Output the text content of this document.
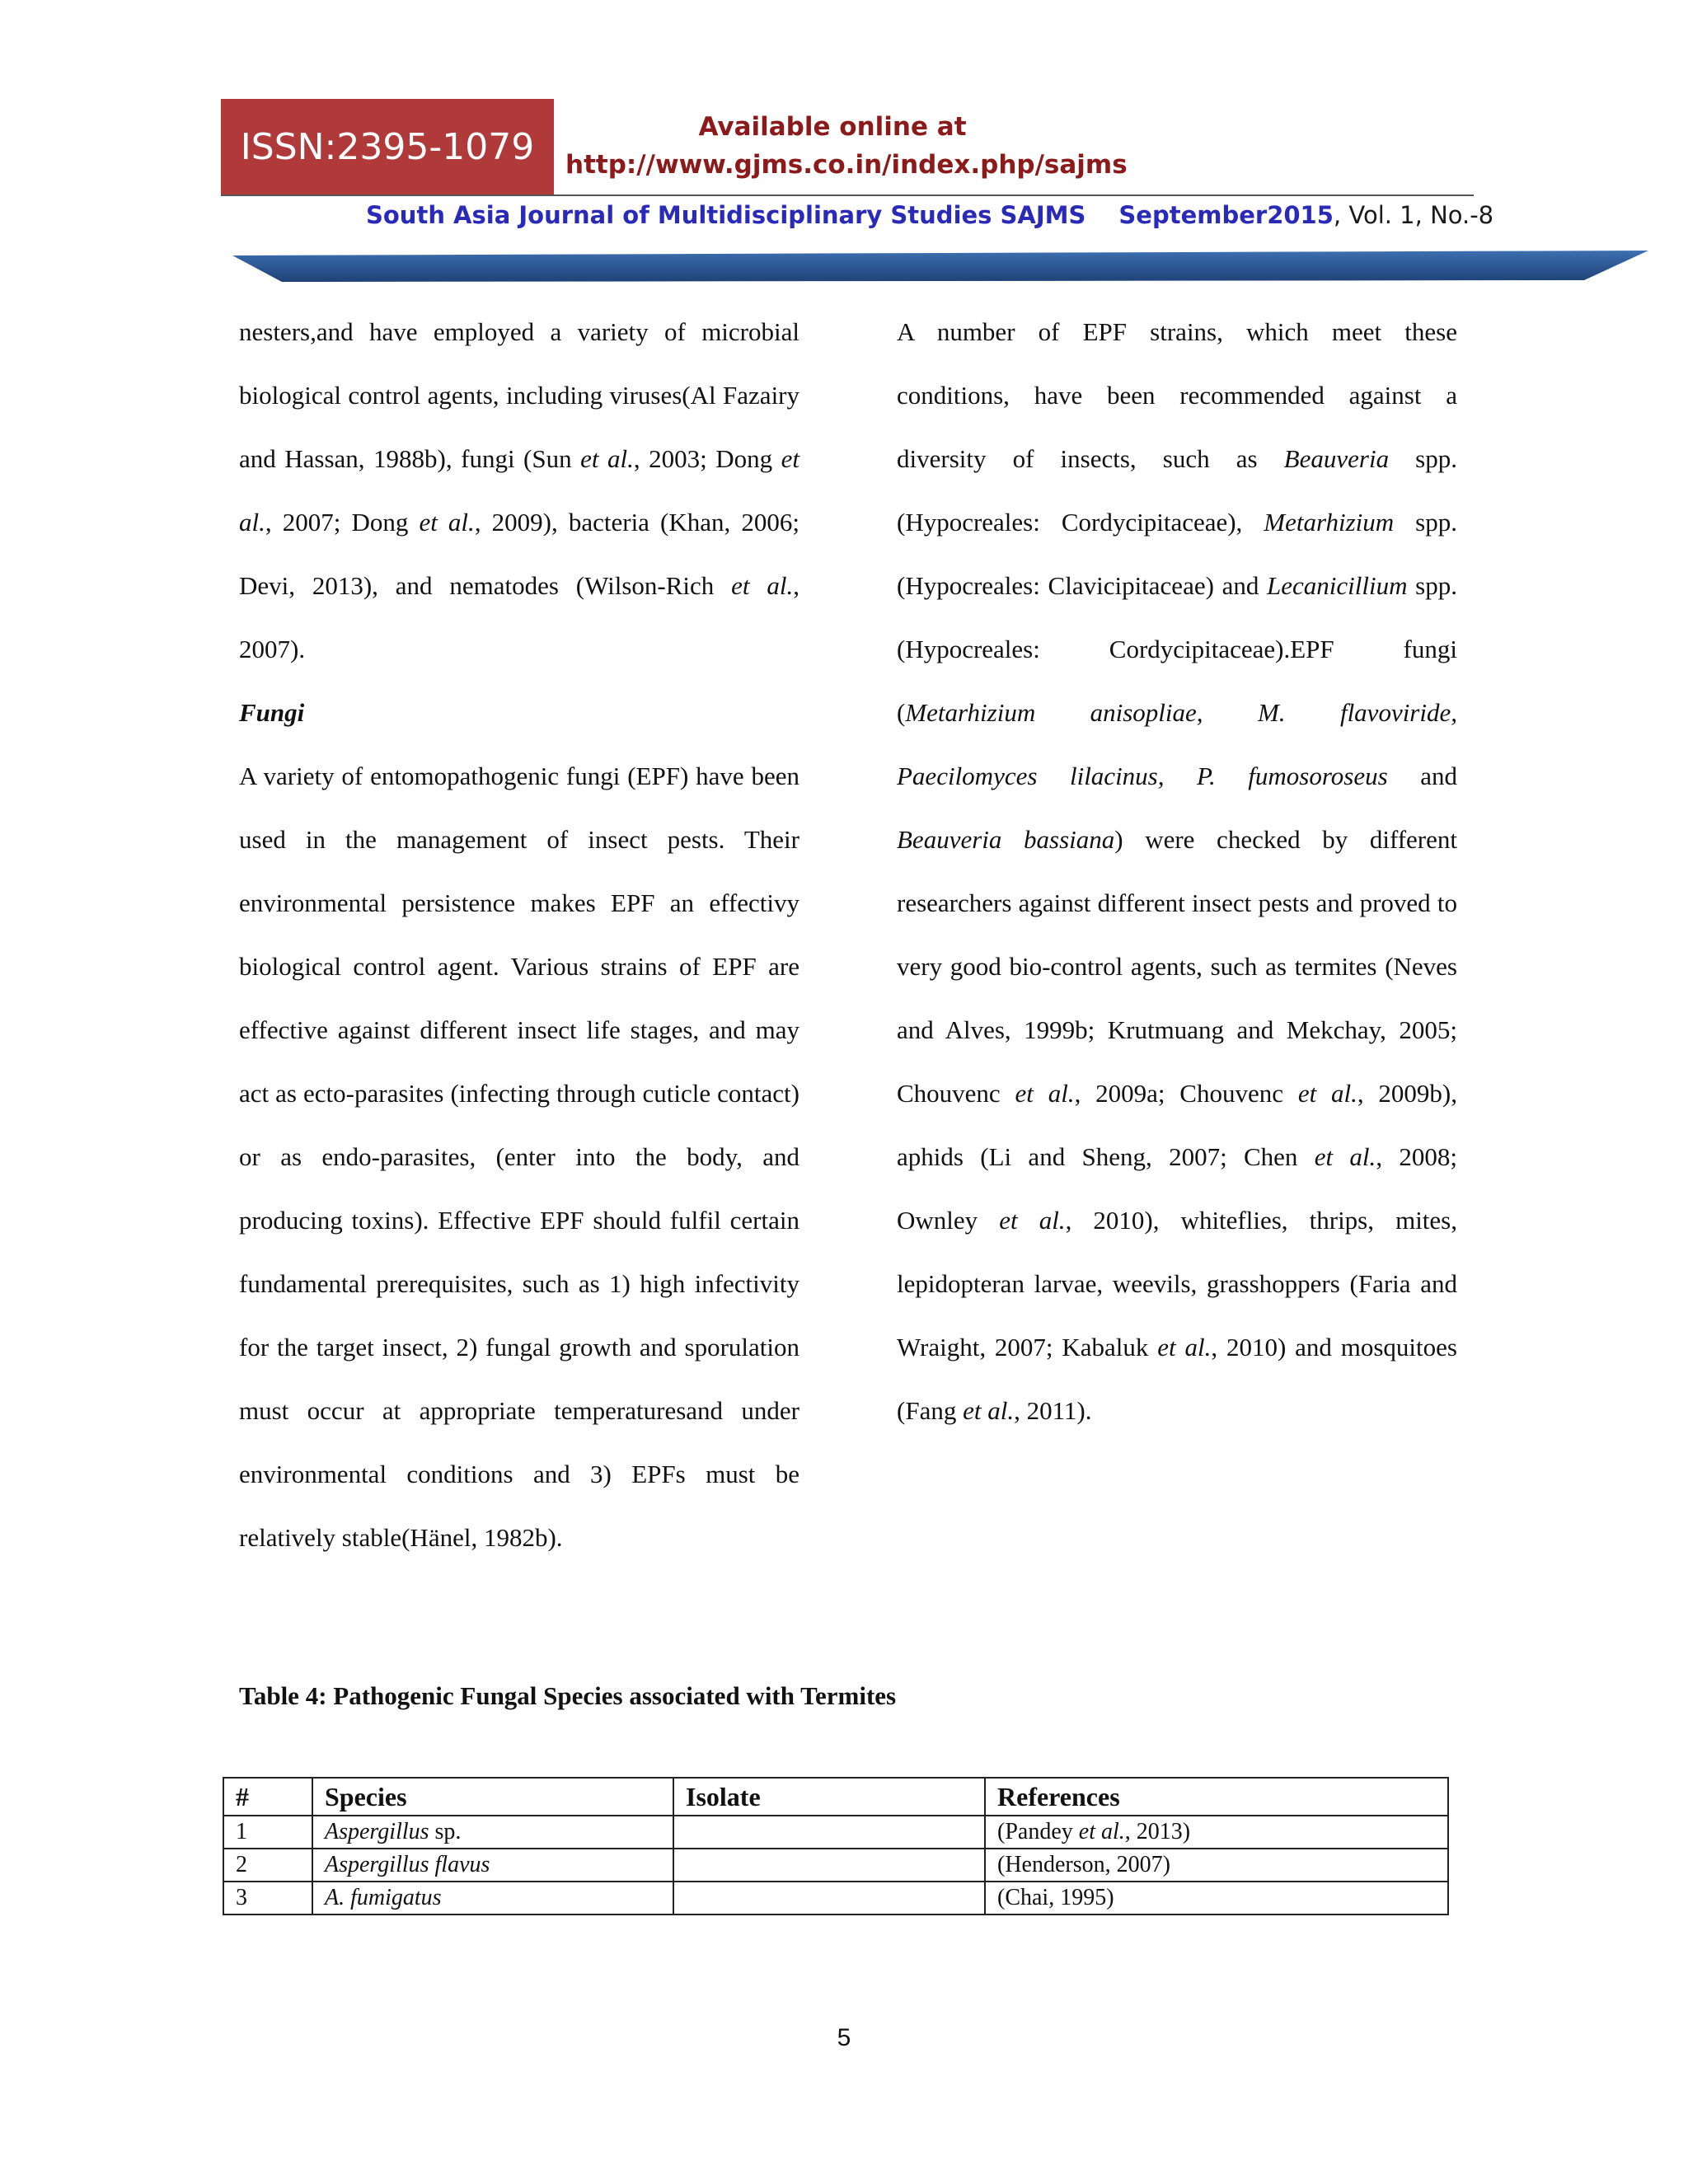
ISSN:2395-1079	Available online at
http://www.gjms.co.in/index.php/sajms
South Asia Journal of Multidisciplinary Studies SAJMS September2015, Vol. 1, No.-8

nesters,and have employed a variety of microbial biological control agents, including viruses(Al Fazairy and Hassan, 1988b), fungi (Sun et al., 2003; Dong et al., 2007; Dong et al., 2009), bacteria (Khan, 2006; Devi, 2013), and nematodes (Wilson-Rich et al., 2007).

Fungi

A variety of entomopathogenic fungi (EPF) have been used in the management of insect pests. Their environmental persistence makes EPF an effectivy biological control agent. Various strains of EPF are effective against different insect life stages, and may act as ecto-parasites (infecting through cuticle contact) or as endo-parasites, (enter into the body, and producing toxins). Effective EPF should fulfil certain fundamental prerequisites, such as 1) high infectivity for the target insect, 2) fungal growth and sporulation must occur at appropriate temperaturesand under environmental conditions and 3) EPFs must be relatively stable(Hänel, 1982b).

A number of EPF strains, which meet these conditions, have been recommended against a diversity of insects, such as Beauveria spp. (Hypocreales: Cordycipitaceae), Metarhizium spp. (Hypocreales: Clavicipitaceae) and Lecanicillium spp. (Hypocreales: Cordycipitaceae).EPF fungi (Metarhizium anisopliae, M. flavoviride, Paecilomyces lilacinus, P. fumosoroseus and Beauveria bassiana) were checked by different researchers against different insect pests and proved to very good bio-control agents, such as termites (Neves and Alves, 1999b; Krutmuang and Mekchay, 2005; Chouvenc et al., 2009a; Chouvenc et al., 2009b), aphids (Li and Sheng, 2007; Chen et al., 2008; Ownley et al., 2010), whiteflies, thrips, mites, lepidopteran larvae, weevils, grasshoppers (Faria and Wraight, 2007; Kabaluk et al., 2010) and mosquitoes (Fang et al., 2011).

Table 4: Pathogenic Fungal Species associated with Termites
#	Species	Isolate	References
1	Aspergillus sp.		(Pandey et al., 2013)
2	Aspergillus flavus		(Henderson, 2007)
3	A. fumigatus		(Chai, 1995)
5
